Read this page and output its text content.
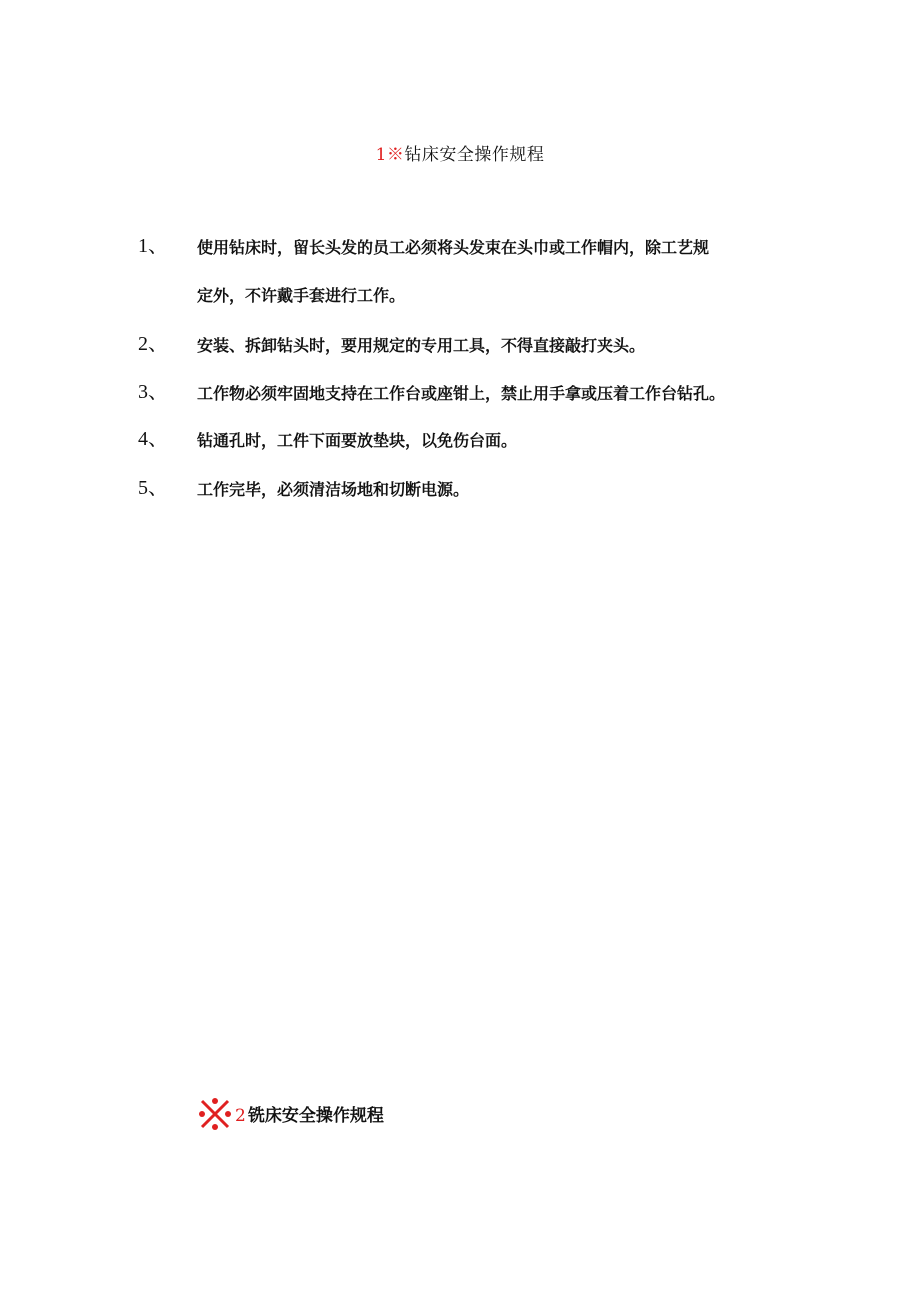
1※钻床安全操作规程
1、 使用钻床时，留长头发的员工必须将头发束在头巾或工作帽内，除工艺规
定外，不许戴手套进行工作。
2、 安装、拆卸钻头时，要用规定的专用工具，不得直接敲打夹头。
3、 工作物必须牢固地支持在工作台或座钳上，禁止用手拿或压着工作台钻孔。
4、 钻通孔时，工件下面要放垫块，以免伤台面。
5、 工作完毕，必须清洁场地和切断电源。
2 铣床安全操作规程
